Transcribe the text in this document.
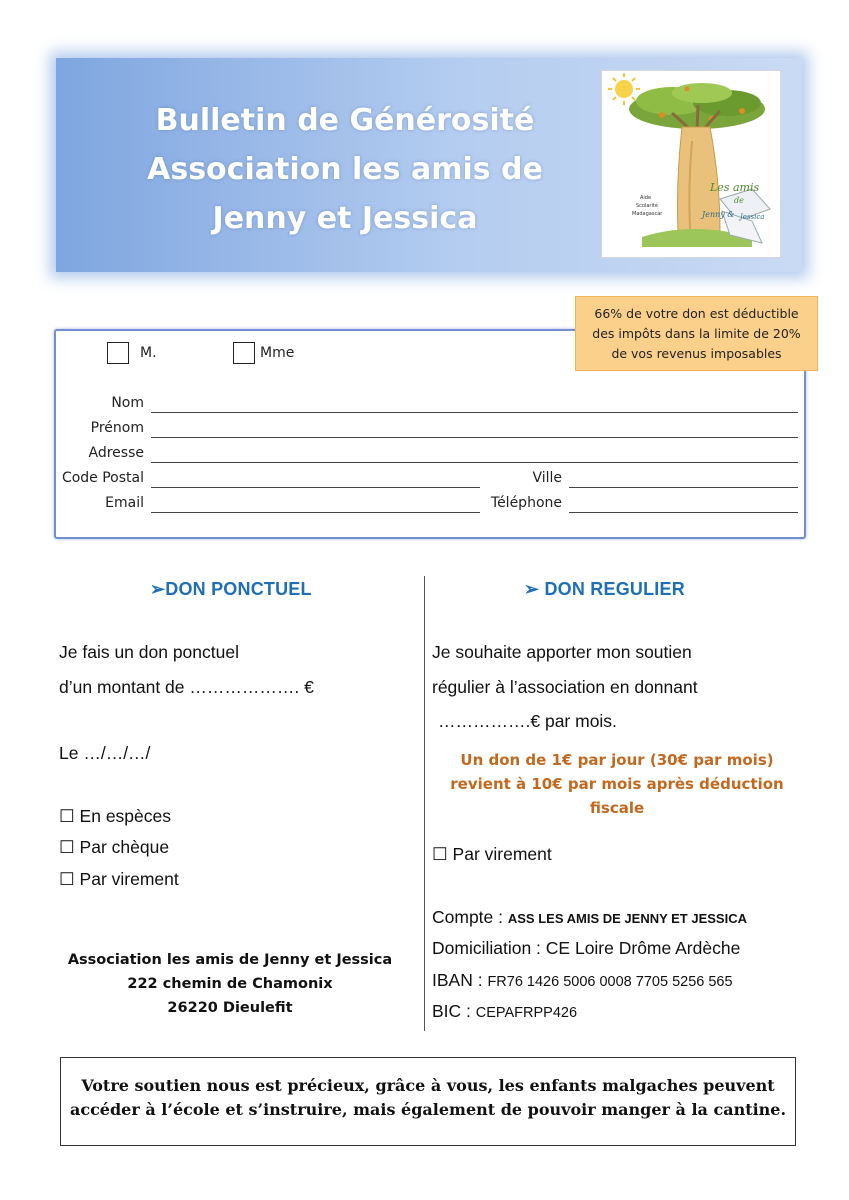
Bulletin de Générosité
Association les amis de
Jenny et Jessica
Aide
Scolarité
Madagascar
Les amis
de
Jenny & Jessica
66% de votre don est déductible
des impôts dans la limite de 20%
de vos revenus imposables
M.	Mme
Nom
Prénom
Adresse
Code Postal	Ville
Email	Téléphone
➢DON PONCTUEL
Je fais un don ponctuel
d’un montant de ………………. €
Le …/…/…/
☐ En espèces
☐ Par chèque
☐ Par virement
Association les amis de Jenny et Jessica
222 chemin de Chamonix
26220 Dieulefit
➢ DON REGULIER
Je souhaite apporter mon soutien
régulier à l’association en donnant
…………….€ par mois.
Un don de 1€ par jour (30€ par mois)
revient à 10€ par mois après déduction
fiscale
☐ Par virement
Compte : ASS LES AMIS DE JENNY ET JESSICA
Domiciliation : CE Loire Drôme Ardèche
IBAN : FR76 1426 5006 0008 7705 5256 565
BIC : CEPAFRPP426
Votre soutien nous est précieux, grâce à vous, les enfants malgaches peuvent
accéder à l’école et s’instruire, mais également de pouvoir manger à la cantine.
